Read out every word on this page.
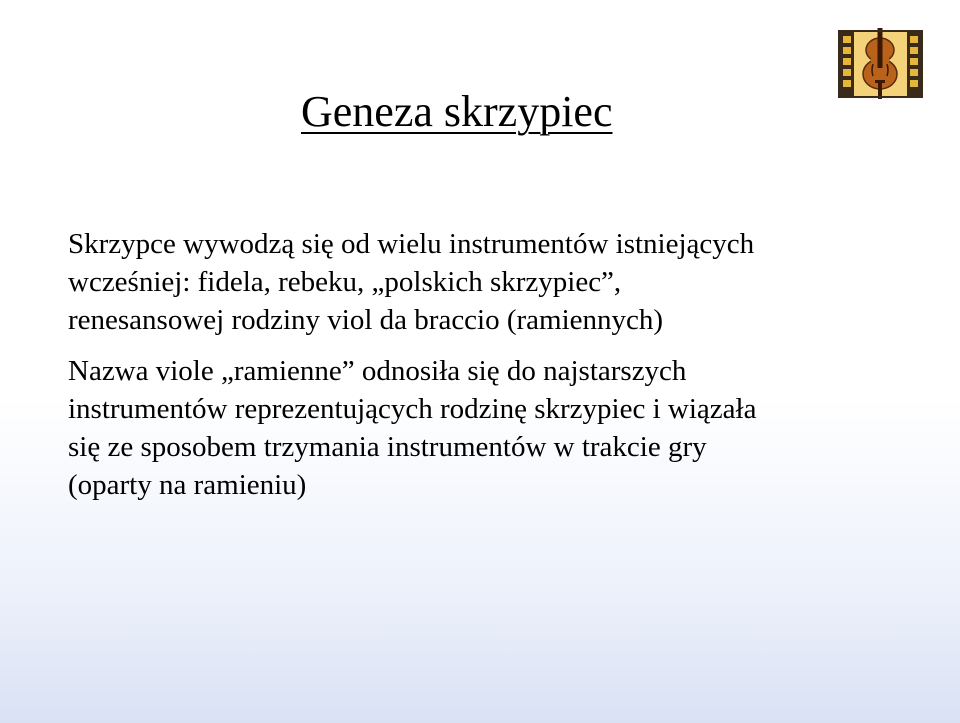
Geneza skrzypiec

Skrzypce wywodzą się od wielu instrumentów istniejących
wcześniej: fidela, rebeku, „polskich skrzypiec”,
renesansowej rodziny viol da braccio (ramiennych)

Nazwa viole „ramienne” odnosiła się do najstarszych
instrumentów reprezentujących rodzinę skrzypiec i wiązała
się ze sposobem trzymania instrumentów w trakcie gry
(oparty na ramieniu)
